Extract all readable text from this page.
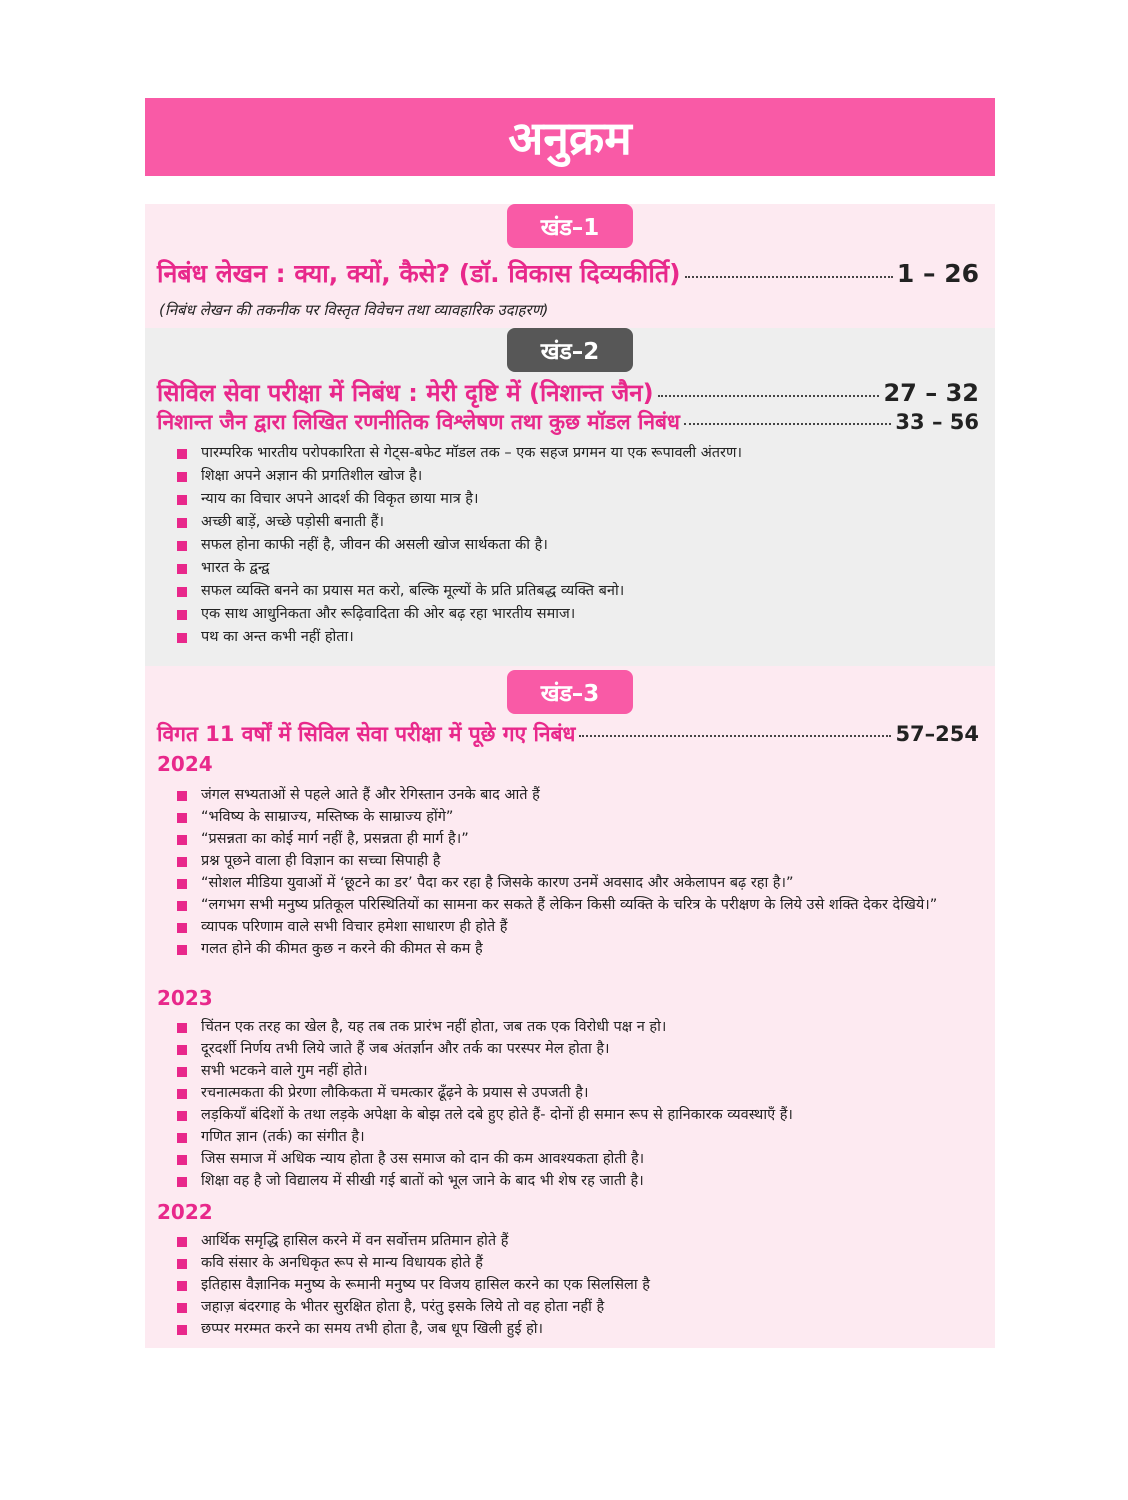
अनुक्रम
खंड–1
निबंध लेखन : क्या, क्यों, कैसे? (डॉ. विकास दिव्यकीर्ति)	1 – 26
(निबंध लेखन की तकनीक पर विस्तृत विवेचन तथा व्यावहारिक उदाहरण)
खंड–2
सिविल सेवा परीक्षा में निबंध : मेरी दृष्टि में (निशान्त जैन)	27 – 32
निशान्त जैन द्वारा लिखित रणनीतिक विश्लेषण तथा कुछ मॉडल निबंध	33 – 56
पारम्परिक भारतीय परोपकारिता से गेट्स-बफेट मॉडल तक – एक सहज प्रगमन या एक रूपावली अंतरण।
शिक्षा अपने अज्ञान की प्रगतिशील खोज है।
न्याय का विचार अपने आदर्श की विकृत छाया मात्र है।
अच्छी बाड़ें, अच्छे पड़ोसी बनाती हैं।
सफल होना काफी नहीं है, जीवन की असली खोज सार्थकता की है।
भारत के द्वन्द्व
सफल व्यक्ति बनने का प्रयास मत करो, बल्कि मूल्यों के प्रति प्रतिबद्ध व्यक्ति बनो।
एक साथ आधुनिकता और रूढ़िवादिता की ओर बढ़ रहा भारतीय समाज।
पथ का अन्त कभी नहीं होता।
खंड–3
विगत 11 वर्षों में सिविल सेवा परीक्षा में पूछे गए निबंध	57–254
2024
जंगल सभ्यताओं से पहले आते हैं और रेगिस्तान उनके बाद आते हैं
“भविष्य के साम्राज्य, मस्तिष्क के साम्राज्य होंगे”
“प्रसन्नता का कोई मार्ग नहीं है, प्रसन्नता ही मार्ग है।”
प्रश्न पूछने वाला ही विज्ञान का सच्चा सिपाही है
“सोशल मीडिया युवाओं में ‘छूटने का डर’ पैदा कर रहा है जिसके कारण उनमें अवसाद और अकेलापन बढ़ रहा है।”
“लगभग सभी मनुष्य प्रतिकूल परिस्थितियों का सामना कर सकते हैं लेकिन किसी व्यक्ति के चरित्र के परीक्षण के लिये उसे शक्ति देकर देखिये।”
व्यापक परिणाम वाले सभी विचार हमेशा साधारण ही होते हैं
गलत होने की कीमत कुछ न करने की कीमत से कम है
2023
चिंतन एक तरह का खेल है, यह तब तक प्रारंभ नहीं होता, जब तक एक विरोधी पक्ष न हो।
दूरदर्शी निर्णय तभी लिये जाते हैं जब अंतर्ज्ञान और तर्क का परस्पर मेल होता है।
सभी भटकने वाले गुम नहीं होते।
रचनात्मकता की प्रेरणा लौकिकता में चमत्कार ढूँढ़ने के प्रयास से उपजती है।
लड़कियाँ बंदिशों के तथा लड़के अपेक्षा के बोझ तले दबे हुए होते हैं- दोनों ही समान रूप से हानिकारक व्यवस्थाएँ हैं।
गणित ज्ञान (तर्क) का संगीत है।
जिस समाज में अधिक न्याय होता है उस समाज को दान की कम आवश्यकता होती है।
शिक्षा वह है जो विद्यालय में सीखी गई बातों को भूल जाने के बाद भी शेष रह जाती है।
2022
आर्थिक समृद्धि हासिल करने में वन सर्वोत्तम प्रतिमान होते हैं
कवि संसार के अनधिकृत रूप से मान्य विधायक होते हैं
इतिहास वैज्ञानिक मनुष्य के रूमानी मनुष्य पर विजय हासिल करने का एक सिलसिला है
जहाज़ बंदरगाह के भीतर सुरक्षित होता है, परंतु इसके लिये तो वह होता नहीं है
छप्पर मरम्मत करने का समय तभी होता है, जब धूप खिली हुई हो।
